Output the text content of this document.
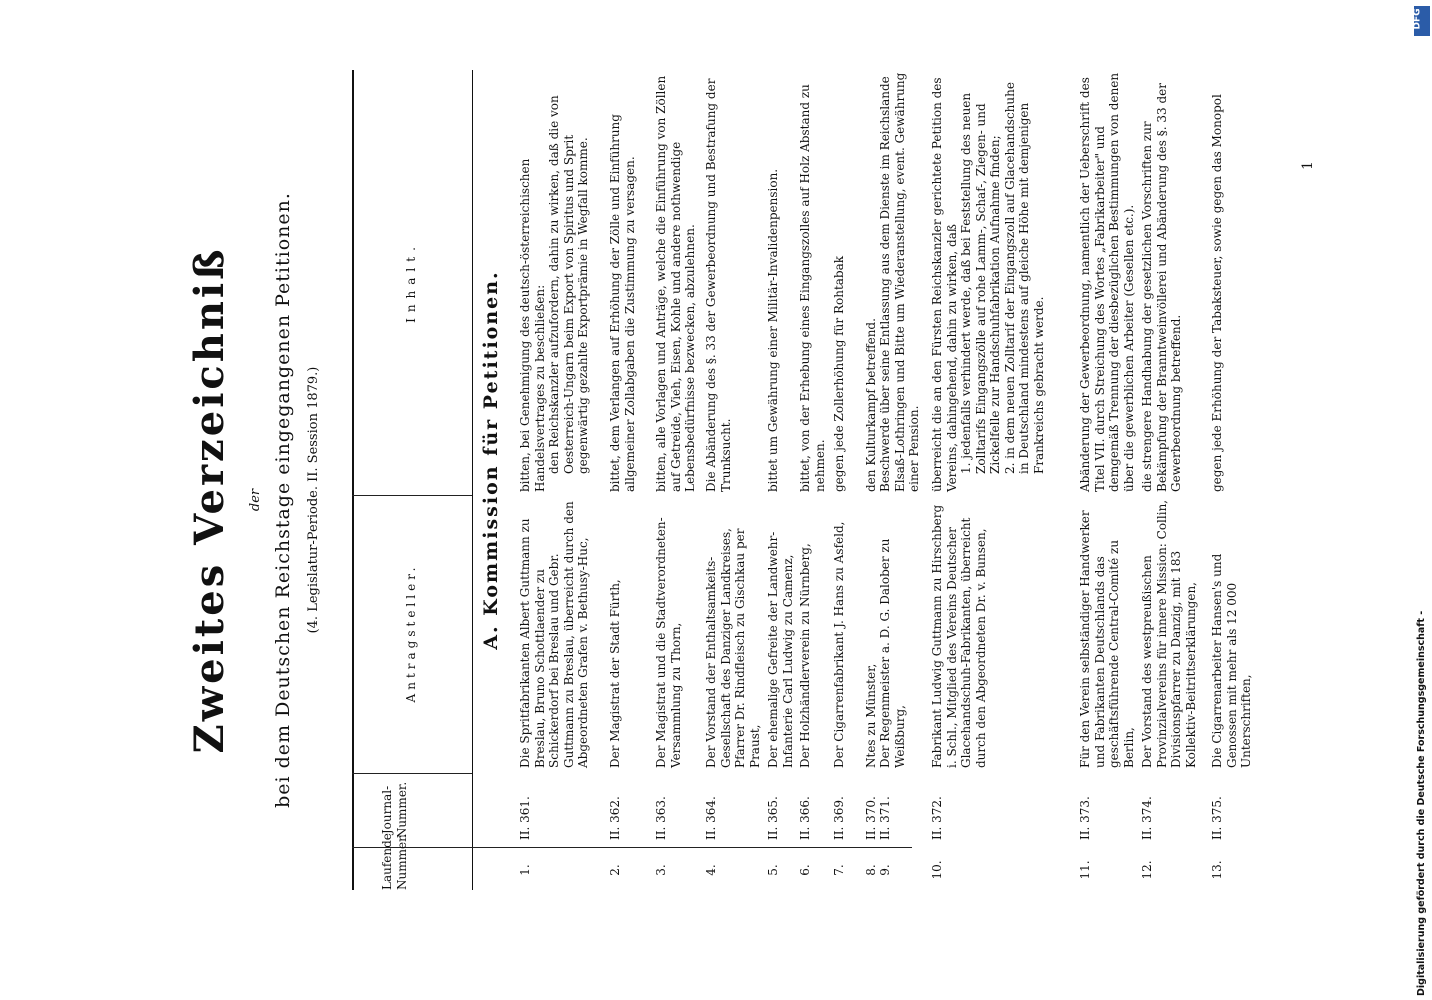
Zweites Verzeichniß der bei dem Deutschen Reichstage eingegangenen Petitionen. (4. Legislatur-Periode. II. Session 1879.)
Laufende Nummer.
Journal-Nummer.
Antragsteller.
Inhalt.	A. Kommission für Petitionen.
1.
II. 361.
Die Spritfabrikanten Albert Guttmann zu Breslau, Bruno Schottlaender zu Schickerdorf bei Breslau und Gebr. Guttmann zu Breslau, überreicht durch den Abgeordneten Grafen v. Bethusy-Huc,
bitten, bei Genehmigung des deutsch-österreichischen Handelsvertrages zu beschließen: den Reichskanzler aufzufordern, dahin zu wirken, daß die von Oesterreich-Ungarn beim Export von Spiritus und Sprit gegenwärtig gezahlte Exportprämie in Wegfall komme.
2.
II. 362.
Der Magistrat der Stadt Fürth,
bittet, dem Verlangen auf Erhöhung der Zölle und Einführung allgemeiner Zollabgaben die Zustimmung zu versagen.
3.
II. 363.
Der Magistrat und die Stadtverordneten-Versammlung zu Thorn,
bitten, alle Vorlagen und Anträge, welche die Einführung von Zöllen auf Getreide, Vieh, Eisen, Kohle und andere nothwendige Lebensbedürfnisse bezwecken, abzulehnen.
4.
II. 364.
Der Vorstand der Enthaltsamkeits-Gesellschaft des Danziger Landkreises, Pfarrer Dr. Rindfleisch zu Gischkau per Praust,
Die Abänderung des §. 33 der Gewerbeordnung und Bestrafung der Trunksucht.
5.
II. 365.
Der ehemalige Gefreite der Landwehr-Infanterie Carl Ludwig zu Camenz,
bittet um Gewährung einer Militär-Invalidenpension.
6.
II. 366.
Der Holzhändlerverein zu Nürnberg,
bittet, von der Erhebung eines Eingangszolles auf Holz Abstand zu nehmen.
7.
II. 369.
Der Cigarrenfabrikant J. Hans zu Asfeld,
gegen jede Zollerhöhung für Rohtabak
8.
II. 370.
Ntes zu Münster,
den Kulturkampf betreffend.
9.
II. 371.
Der Regenmeister a. D. G. Dalober zu Weißburg,
Beschwerde über seine Entlassung aus dem Dienste im Reichslande Elsaß-Lothringen und Bitte um Wiederanstellung, event. Gewährung einer Pension.
10.
II. 372.
Fabrikant Ludwig Guttmann zu Hirschberg i. Schl., Mitglied des Vereins Deutscher Glacehandschuh-Fabrikanten, überreicht durch den Abgeordneten Dr. v. Bunsen,
überreicht die an den Fürsten Reichskanzler gerichtete Petition des Vereins, dahingehend, dahin zu wirken, daß 1. jedenfalls verhindert werde, daß bei Feststellung des neuen Zolltarifs Eingangszölle auf rohe Lamm-, Schaf-, Ziegen- und Zickelfelle zur Handschuhfabrikation Aufnahme finden; 2. in dem neuen Zolltarif der Eingangszoll auf Glacehandschuhe in Deutschland mindestens auf gleiche Höhe mit demjenigen Frankreichs gebracht werde.
11.
II. 373.
Für den Verein selbständiger Handwerker und Fabrikanten Deutschlands das geschäftsführende Central-Comité zu Berlin,
Abänderung der Gewerbeordnung, namentlich der Ueberschrift des Titel VII. durch Streichung des Wortes „Fabrikarbeiter" und demgemäß Trennung der diesbezüglichen Bestimmungen von denen über die gewerblichen Arbeiter (Gesellen etc.).
12.
II. 374.
Der Vorstand des westpreußischen Provinzialvereins für innere Mission: Collin, Divisionspfarrer zu Danzig, mit 183 Kollektiv-Beitrittserklärungen,
die strengere Handhabung der gesetzlichen Vorschriften zur Bekämpfung der Branntweinvöllerei und Abänderung des §. 33 der Gewerbeordnung betreffend.
13.
II. 375.
Die Cigarrenarbeiter Hansen's und Genossen mit mehr als 12 000 Unterschriften,
gegen jede Erhöhung der Tabaksteuer, sowie gegen das Monopol	1
Digitalisierung gefördert durch die Deutsche Forschungsgemeinschaft -
DFG
